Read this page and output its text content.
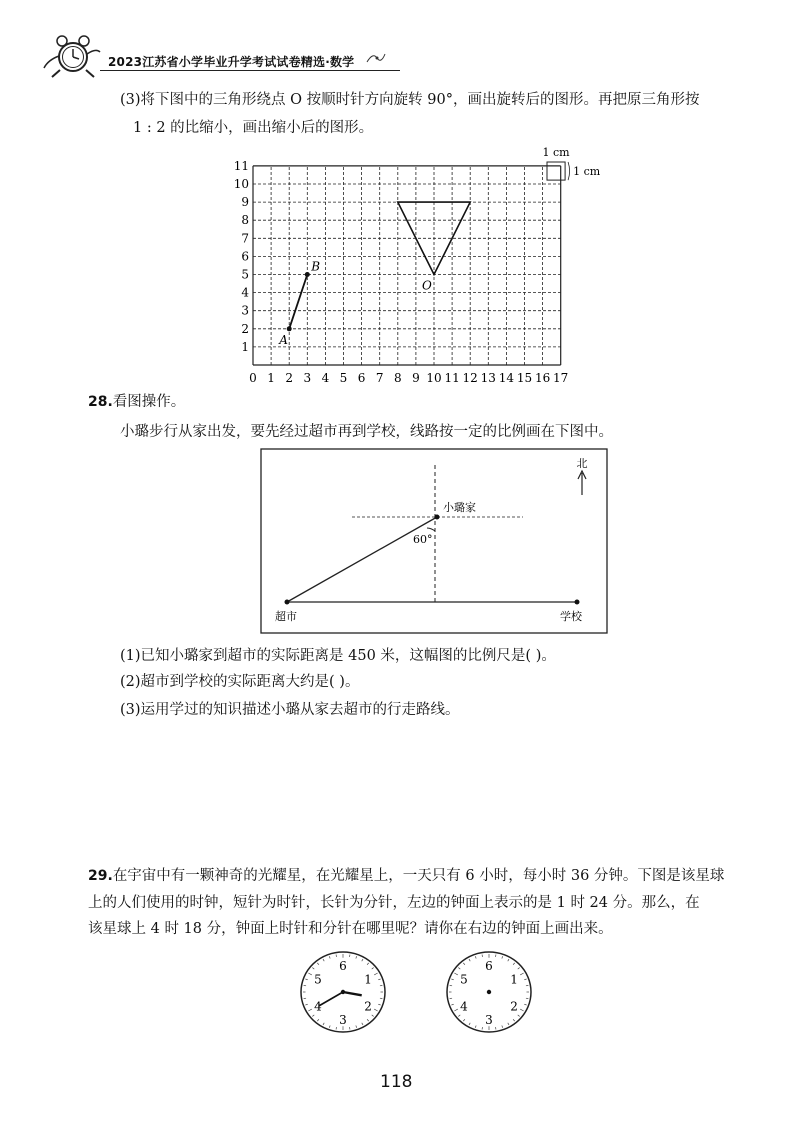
2023江苏省小学毕业升学考试试卷精选·数学
(3)将下图中的三角形绕点 O 按顺时针方向旋转 90°，画出旋转后的图形。再把原三角形按
1 : 2 的比缩小，画出缩小后的图形。
0 1 2 3 4 5 6 7 8 9 10 11 12 13 14 15 16 17
1
2
3
4
5
6
7
8
9
10
11
A
B
O
1 cm
1 cm
28.看图操作。
小璐步行从家出发，要先经过超市再到学校，线路按一定的比例画在下图中。
北
小璐家
60°
超市	学校
(1)已知小璐家到超市的实际距离是 450 米，这幅图的比例尺是( )。
(2)超市到学校的实际距离大约是( )。
(3)运用学过的知识描述小璐从家去超市的行走路线。
29.在宇宙中有一颗神奇的光耀星，在光耀星上，一天只有 6 小时，每小时 36 分钟。下图是该星球
上的人们使用的时钟，短针为时针，长针为分针，左边的钟面上表示的是 1 时 24 分。那么，在
该星球上 4 时 18 分，钟面上时针和分针在哪里呢？请你在右边的钟面上画出来。
6
1
2
3
4
5
6
1
2
3
4
5
118
